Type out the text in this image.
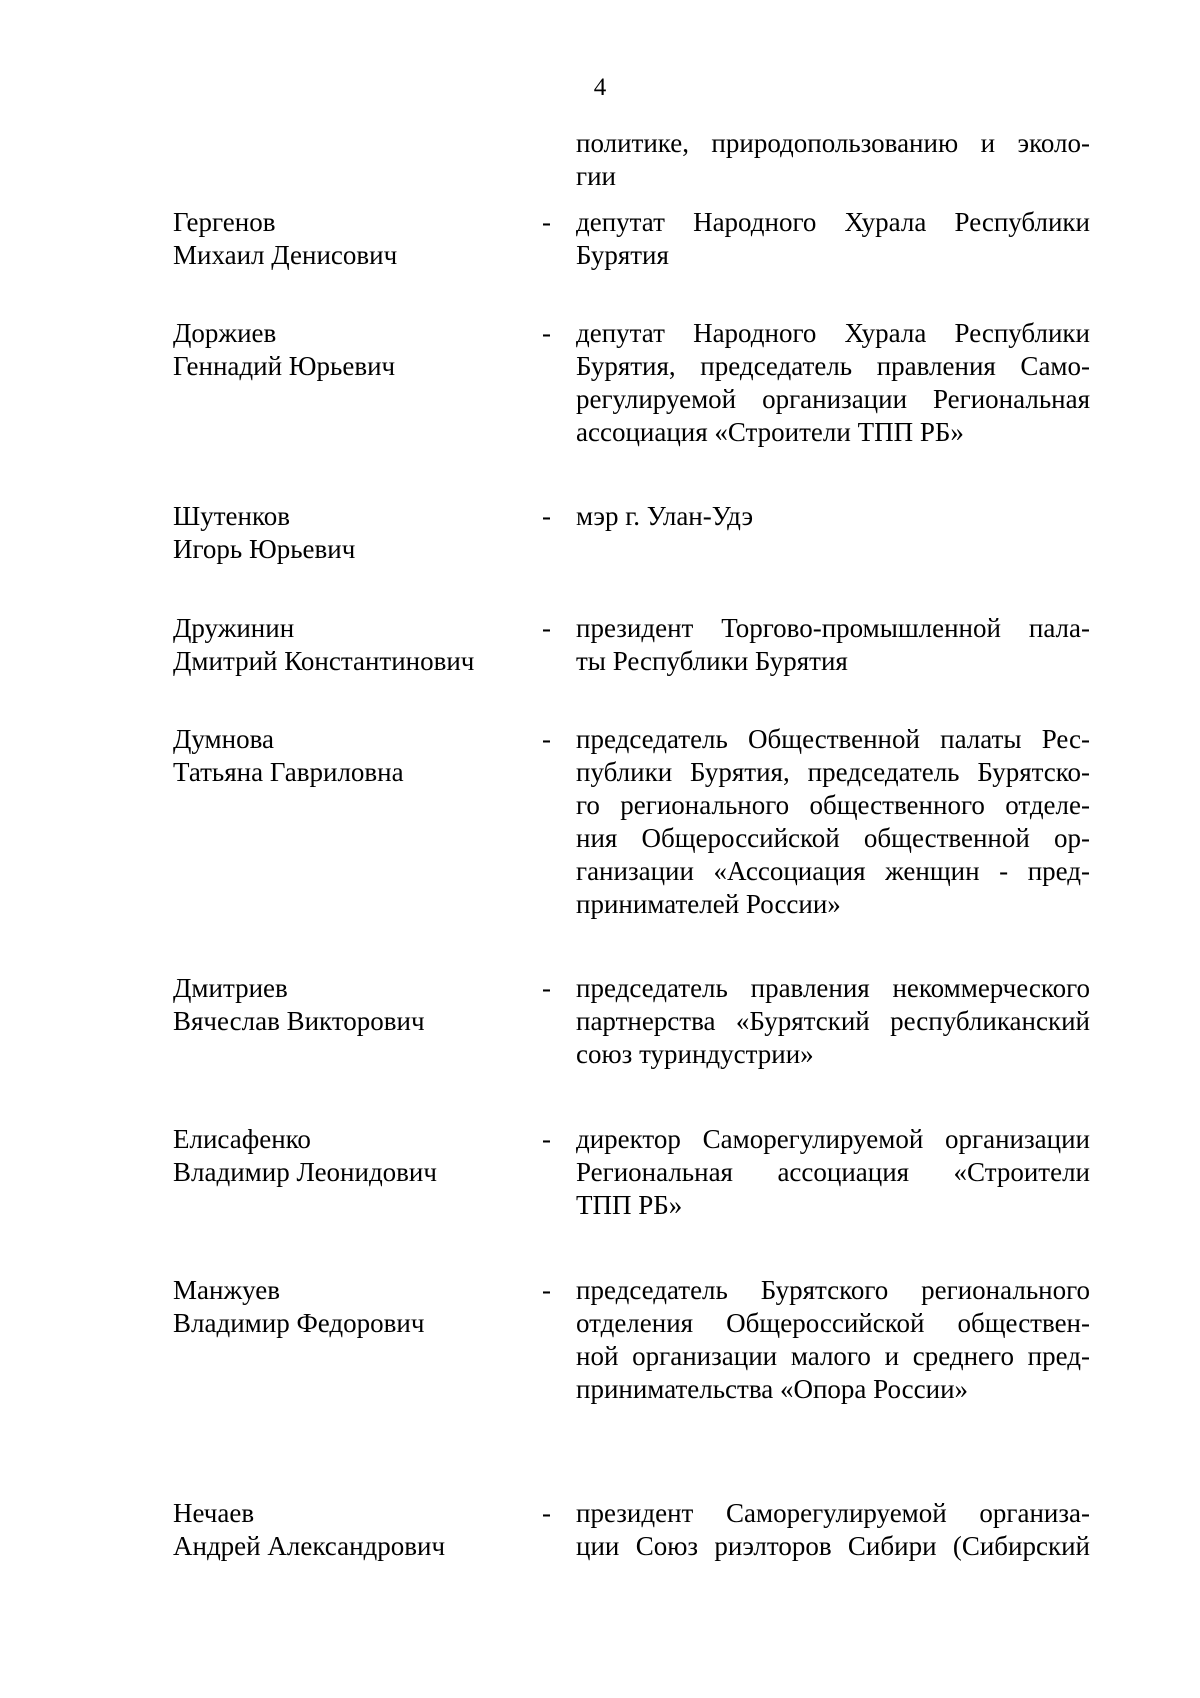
4
политике, природопользованию и эколо-
гии
Гергенов
Михаил Денисович
- депутат Народного Хурала Республики
Бурятия
Доржиев
Геннадий Юрьевич
- депутат Народного Хурала Республики
Бурятия, председатель правления Само-
регулируемой организации Региональная
ассоциация «Строители ТПП РБ»
Шутенков
Игорь Юрьевич
- мэр г. Улан-Удэ
Дружинин
Дмитрий Константинович
- президент Торгово-промышленной пала-
ты Республики Бурятия
Думнова
Татьяна Гавриловна
- председатель Общественной палаты Рес-
публики Бурятия, председатель Бурятско-
го регионального общественного отделе-
ния Общероссийской общественной ор-
ганизации «Ассоциация женщин - пред-
принимателей России»
Дмитриев
Вячеслав Викторович
- председатель правления некоммерческого
партнерства «Бурятский республиканский
союз туриндустрии»
Елисафенко
Владимир Леонидович
- директор Саморегулируемой организации
Региональная ассоциация «Строители
ТПП РБ»
Манжуев
Владимир Федорович
- председатель Бурятского регионального
отделения Общероссийской обществен-
ной организации малого и среднего пред-
принимательства «Опора России»
Нечаев
Андрей Александрович
- президент Саморегулируемой организа-
ции Союз риэлторов Сибири (Сибирский
